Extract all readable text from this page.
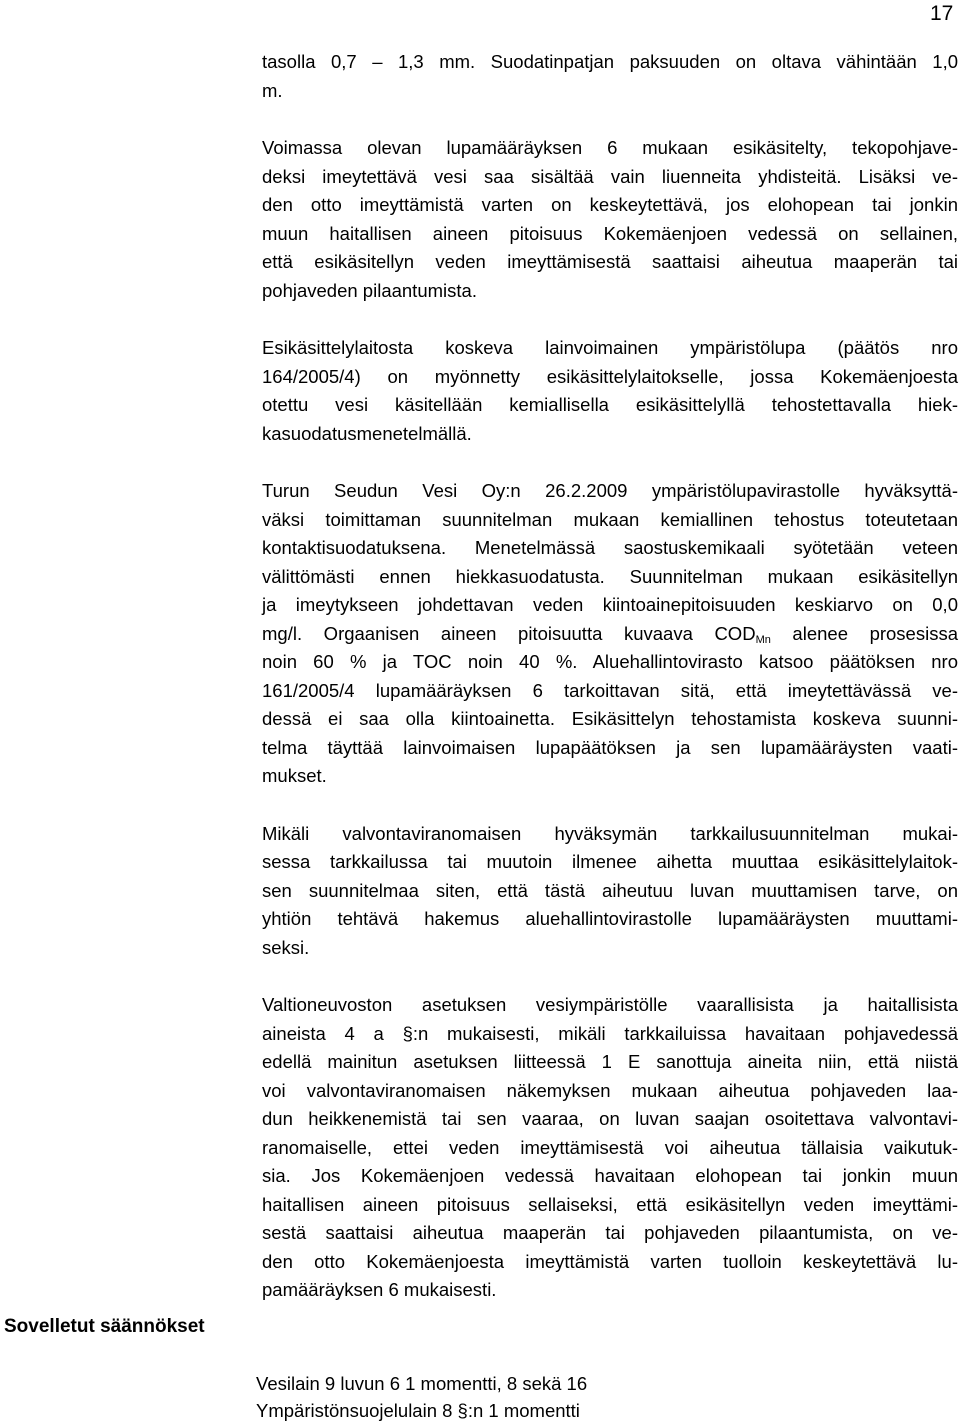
17

tasolla 0,7 – 1,3 mm. Suodatinpatjan paksuuden on oltava vähintään 1,0
m.

Voimassa olevan lupamääräyksen 6 mukaan esikäsitelty, tekopohjave-
deksi imeytettävä vesi saa sisältää vain liuenneita yhdisteitä. Lisäksi ve-
den otto imeyttämistä varten on keskeytettävä, jos elohopean tai jonkin
muun haitallisen aineen pitoisuus Kokemäenjoen vedessä on sellainen,
että esikäsitellyn veden imeyttämisestä saattaisi aiheutua maaperän tai
pohjaveden pilaantumista.

Esikäsittelylaitosta koskeva lainvoimainen ympäristölupa (päätös nro
164/2005/4) on myönnetty esikäsittelylaitokselle, jossa Kokemäenjoesta
otettu vesi käsitellään kemiallisella esikäsittelyllä tehostettavalla hiek-
kasuodatusmenetelmällä.

Turun Seudun Vesi Oy:n 26.2.2009 ympäristölupavirastolle hyväksyttä-
väksi toimittaman suunnitelman mukaan kemiallinen tehostus toteutetaan
kontaktisuodatuksena. Menetelmässä saostuskemikaali syötetään veteen
välittömästi ennen hiekkasuodatusta. Suunnitelman mukaan esikäsitellyn
ja imeytykseen johdettavan veden kiintoainepitoisuuden keskiarvo on 0,0
mg/l. Orgaanisen aineen pitoisuutta kuvaava $COD_{Mn}$ alenee prosesissa
noin 60 % ja TOC noin 40 %. Aluehallintovirasto katsoo päätöksen nro
161/2005/4 lupamääräyksen 6 tarkoittavan sitä, että imeytettävässä ve-
dessä ei saa olla kiintoainetta. Esikäsittelyn tehostamista koskeva suunni-
telma täyttää lainvoimaisen lupapäätöksen ja sen lupamääräysten vaati-
mukset.

Mikäli valvontaviranomaisen hyväksymän tarkkailusuunnitelman mukai-
sessa tarkkailussa tai muutoin ilmenee aihetta muuttaa esikäsittelylaitok-
sen suunnitelmaa siten, että tästä aiheutuu luvan muuttamisen tarve, on
yhtiön tehtävä hakemus aluehallintovirastolle lupamääräysten muuttami-
seksi.

Valtioneuvoston asetuksen vesiympäristölle vaarallisista ja haitallisista
aineista 4 a §:n mukaisesti, mikäli tarkkailuissa havaitaan pohjavedessä
edellä mainitun asetuksen liitteessä 1 E sanottuja aineita niin, että niistä
voi valvontaviranomaisen näkemyksen mukaan aiheutua pohjaveden laa-
dun heikkenemistä tai sen vaaraa, on luvan saajan osoitettava valvontavi-
ranomaiselle, ettei veden imeyttämisestä voi aiheutua tällaisia vaikutuk-
sia. Jos Kokemäenjoen vedessä havaitaan elohopean tai jonkin muun
haitallisen aineen pitoisuus sellaiseksi, että esikäsitellyn veden imeyttämi-
sestä saattaisi aiheutua maaperän tai pohjaveden pilaantumista, on ve-
den otto Kokemäenjoesta imeyttämistä varten tuolloin keskeytettävä lu-
pamääräyksen 6 mukaisesti.

Sovelletut säännökset
Vesilain 9 luvun 6 1 momentti, 8 sekä 16
Ympäristönsuojelulain 8 §:n 1 momentti
